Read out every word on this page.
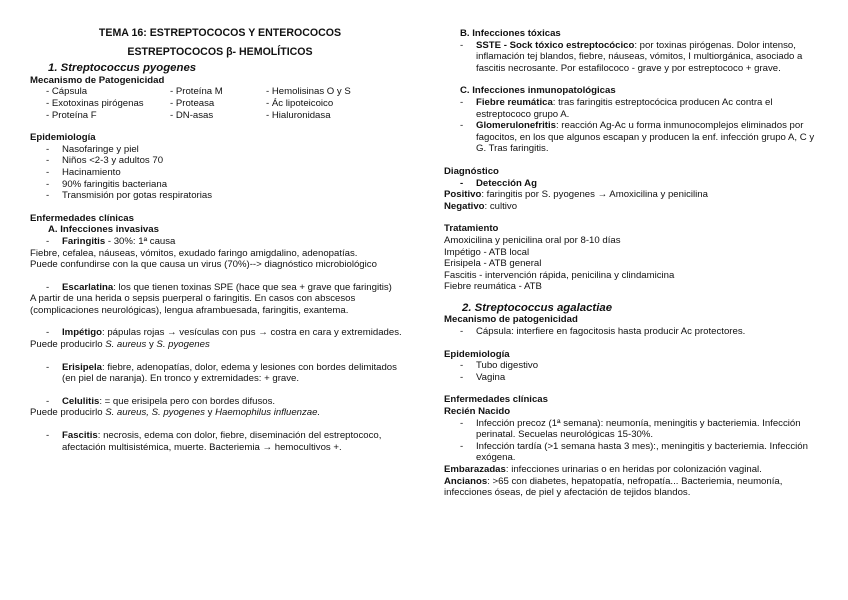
TEMA 16: ESTREPTOCOCOS Y ENTEROCOCOS
ESTREPTOCOCOS β- HEMOLÍTICOS
1. Streptococcus pyogenes
Mecanismo de Patogenicidad
- Cápsula	- Proteína M	- Hemolisinas O y S
- Exotoxinas pirógenas	- Proteasa	- Ác lipoteicoico
- Proteína F	- DN-asas	- Hialuronidasa
Epidemiología
- Nasofaringe y piel
- Niños <2-3 y adultos 70
- Hacinamiento
- 90% faringitis bacteriana
- Transmisión por gotas respiratorias
Enfermedades clínicas
A. Infecciones invasivas
- Faringitis - 30%: 1ª causa

Fiebre, cefalea, náuseas, vómitos, exudado faringo amigdalino, adenopatías.

Puede confundirse con la que causa un virus (70%)--> diagnóstico microbiológico

- Escarlatina: los que tienen toxinas SPE (hace que sea + grave que faringitis)

A partir de una herida o sepsis puerperal o faringitis. En casos con abscesos (complicaciones neurológicas), lengua aframbuesada, faringitis, exantema.

- Impétigo: pápulas rojas → vesículas con pus → costra en cara y extremidades.

Puede producirlo S. aureus y S. pyogenes

- Erisipela: fiebre, adenopatías, dolor, edema y lesiones con bordes delimitados (en piel de naranja). En tronco y extremidades: + grave.
- Celulitis: = que erisipela pero con bordes difusos.

Puede producirlo S. aureus, S. pyogenes y Haemophilus influenzae.

- Fascitis: necrosis, edema con dolor, fiebre, diseminación del estreptococo, afectación multisistémica, muerte. Bacteriemia → hemocultivos +.
B. Infecciones tóxicas
- SSTE - Sock tóxico estreptocócico: por toxinas pirógenas. Dolor intenso, inflamación tej blandos, fiebre, náuseas, vómitos, I multiorgánica, asociado a fascitis necrosante. Por estafilococo - grave y por estreptococo + grave.
C. Infecciones inmunopatológicas
- Fiebre reumática: tras faringitis estreptocócica producen Ac contra el estreptococo grupo A.
- Glomerulonefritis: reacción Ag-Ac u forma inmunocomplejos eliminados por fagocitos, en los que algunos escapan y producen la enf. infección grupo A, C y G. Tras faringitis.
Diagnóstico
- Detección Ag

Positivo: faringitis por S. pyogenes → Amoxicilina y penicilina

Negativo: cultivo

Tratamiento

Amoxicilina y penicilina oral por 8-10 días

Impétigo - ATB local

Erisipela - ATB general

Fascitis - intervención rápida, penicilina y clindamicina

Fiebre reumática - ATB

2. Streptococcus agalactiae
Mecanismo de patogenicidad
- Cápsula: interfiere en fagocitosis hasta producir Ac protectores.
Epidemiología
- Tubo digestivo
- Vagina
Enfermedades clínicas
Recién Nacido
- Infección precoz (1ª semana): neumonía, meningitis y bacteriemia. Infección perinatal. Secuelas neurológicas 15-30%.
- Infección tardía (>1 semana hasta 3 mes):, meningitis y bacteriemia. Infección exógena.

Embarazadas: infecciones urinarias o en heridas por colonización vaginal.

Ancianos: >65 con diabetes, hepatopatía, nefropatía... Bacteriemia, neumonía, infecciones óseas, de piel y afectación de tejidos blandos.
